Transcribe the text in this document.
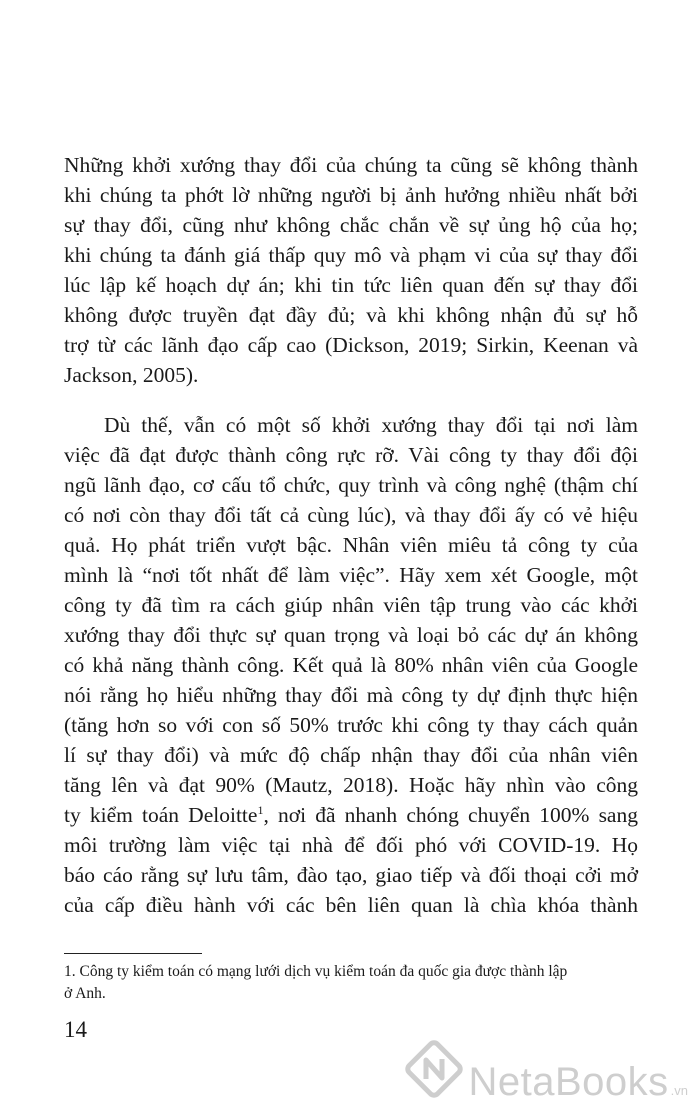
Những khởi xướng thay đổi của chúng ta cũng sẽ không thành
khi chúng ta phớt lờ những người bị ảnh hưởng nhiều nhất bởi
sự thay đổi, cũng như không chắc chắn về sự ủng hộ của họ;
khi chúng ta đánh giá thấp quy mô và phạm vi của sự thay đổi
lúc lập kế hoạch dự án; khi tin tức liên quan đến sự thay đổi
không được truyền đạt đầy đủ; và khi không nhận đủ sự hỗ
trợ từ các lãnh đạo cấp cao (Dickson, 2019; Sirkin, Keenan và
Jackson, 2005).
Dù thế, vẫn có một số khởi xướng thay đổi tại nơi làm
việc đã đạt được thành công rực rỡ. Vài công ty thay đổi đội
ngũ lãnh đạo, cơ cấu tổ chức, quy trình và công nghệ (thậm chí
có nơi còn thay đổi tất cả cùng lúc), và thay đổi ấy có vẻ hiệu
quả. Họ phát triển vượt bậc. Nhân viên miêu tả công ty của
mình là “nơi tốt nhất để làm việc”. Hãy xem xét Google, một
công ty đã tìm ra cách giúp nhân viên tập trung vào các khởi
xướng thay đổi thực sự quan trọng và loại bỏ các dự án không
có khả năng thành công. Kết quả là 80% nhân viên của Google
nói rằng họ hiểu những thay đổi mà công ty dự định thực hiện
(tăng hơn so với con số 50% trước khi công ty thay cách quản
lí sự thay đổi) và mức độ chấp nhận thay đổi của nhân viên
tăng lên và đạt 90% (Mautz, 2018). Hoặc hãy nhìn vào công
ty kiểm toán Deloitte$^1$, nơi đã nhanh chóng chuyển 100% sang
môi trường làm việc tại nhà để đối phó với COVID-19. Họ
báo cáo rằng sự lưu tâm, đào tạo, giao tiếp và đối thoại cởi mở
của cấp điều hành với các bên liên quan là chìa khóa thành
1. Công ty kiểm toán có mạng lưới dịch vụ kiểm toán đa quốc gia được thành lập
ở Anh.
14
NetaBooks .vn
